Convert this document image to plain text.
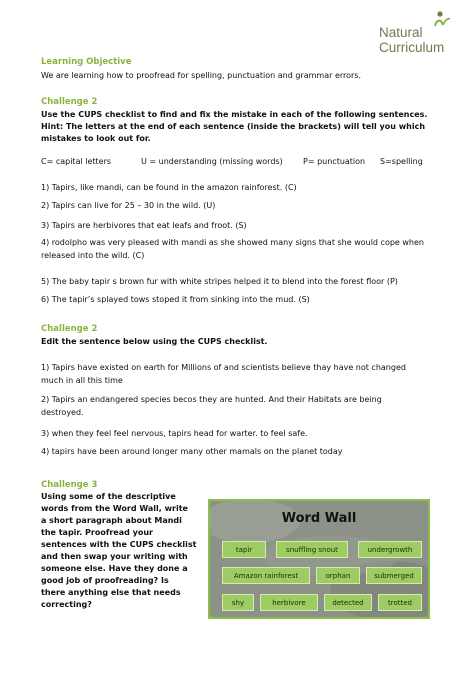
Natural
Curriculum
Learning Objective
We are learning how to proofread for spelling, punctuation and grammar errors.
Challenge 2
Use the CUPS checklist to find and fix the mistake in each of the following sentences.
Hint: The letters at the end of each sentence (inside the brackets) will tell you which
mistakes to look out for.
C= capital letters	U = understanding (missing words)	P= punctuation S=spelling
1) Tapirs, like mandi, can be found in the amazon rainforest. (C)
2) Tapirs can live for 25 – 30 in the wild. (U)
3) Tapirs are herbivores that eat leafs and froot. (S)
4) rodolpho was very pleased with mandi as she showed many signs that she would cope when
released into the wild. (C)
5) The baby tapir s brown fur with white stripes helped it to blend into the forest floor (P)
6) The tapir’s splayed tows stoped it from sinking into the mud. (S)
Challenge 2
Edit the sentence below using the CUPS checklist.
1) Tapirs have existed on earth for Millions of and scientists believe thay have not changed
much in all this time
2) Tapirs an endangered species becos they are hunted. And their Habitats are being
destroyed.
3) when they feel feel nervous, tapirs head for warter. to feel safe.
4) tapirs have been around longer many other mamals on the planet today
Challenge 3
Using some of the descriptive
words from the Word Wall, write
a short paragraph about Mandi
the tapir. Proofread your
sentences with the CUPS checklist
and then swap your writing with
someone else. Have they done a
good job of proofreading? Is
there anything else that needs
correcting?
Word Wall
tapir	snuffling snout	undergrowth
Amazon rainforest	orphan	submerged
shy	herbivore	detected	trotted
